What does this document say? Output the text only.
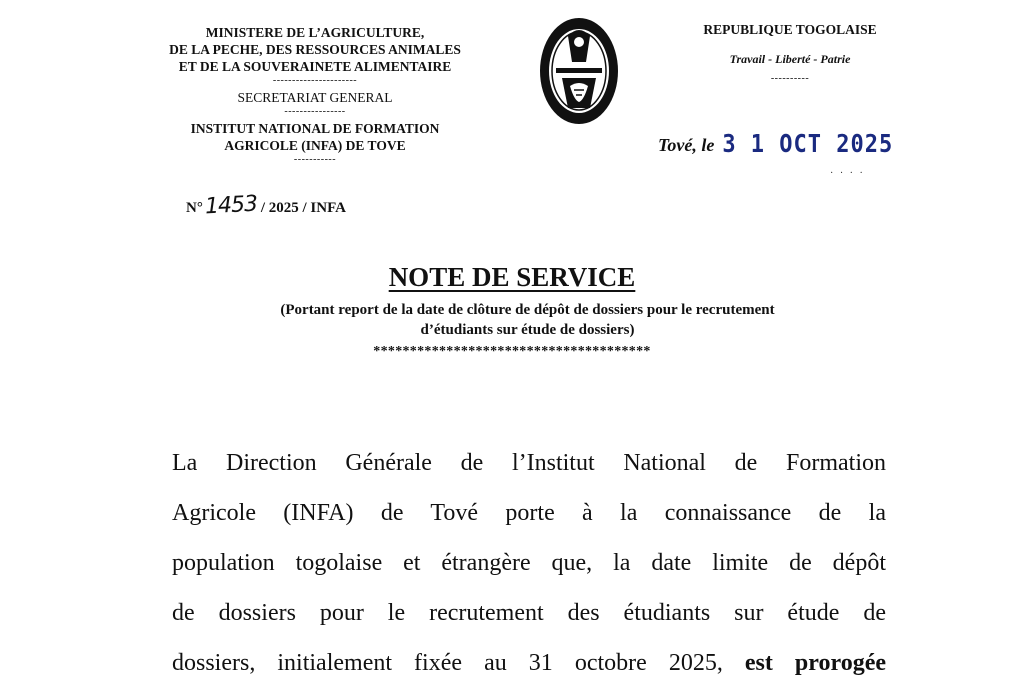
MINISTERE DE L’AGRICULTURE,
DE LA PECHE, DES RESSOURCES ANIMALES
ET DE LA SOUVERAINETE ALIMENTAIRE
----------------------
SECRETARIAT GENERAL
----------------
INSTITUT NATIONAL DE FORMATION
AGRICOLE (INFA) DE TOVE
-----------
N°1453 / 2025 / INFA
REPUBLIQUE TOGOLAISE
Travail - Liberté - Patrie
----------
Tové, le 3 1 OCT 2025
· · · ·
NOTE DE SERVICE
(Portant report de la date de clôture de dépôt de dossiers pour le recrutement
d’étudiants sur étude de dossiers)
**************************************
La Direction Générale de l’Institut National de Formation
Agricole (INFA) de Tové porte à la connaissance de la
population togolaise et étrangère que, la date limite de dépôt
de dossiers pour le recrutement des étudiants sur étude de
dossiers, initialement fixée au 31 octobre 2025, est prorogée
